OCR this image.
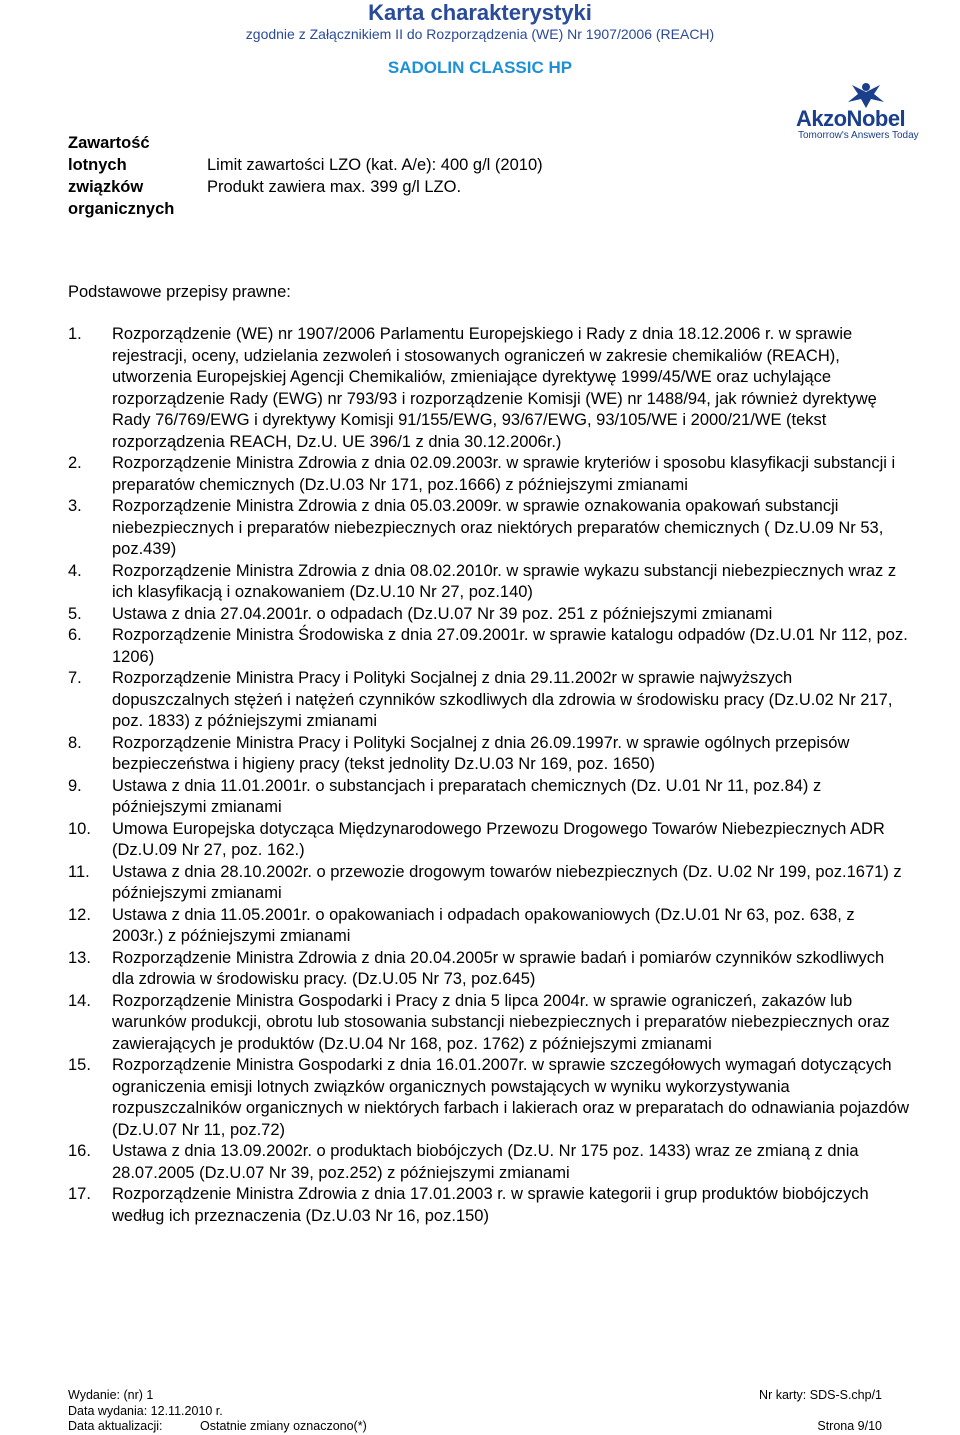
Karta charakterystyki
zgodnie z Załącznikiem II do Rozporządzenia (WE) Nr 1907/2006 (REACH)
SADOLIN CLASSIC HP
AkzoNobel
Tomorrow's Answers Today
Zawartość
lotnych
związków
organicznych
Limit zawartości LZO (kat. A/e): 400 g/l (2010)
Produkt zawiera max. 399 g/l LZO.
Podstawowe przepisy prawne:
1.	Rozporządzenie (WE) nr 1907/2006 Parlamentu Europejskiego i Rady z dnia 18.12.2006 r. w sprawie rejestracji, oceny, udzielania zezwoleń i stosowanych ograniczeń w zakresie chemikaliów (REACH), utworzenia Europejskiej Agencji Chemikaliów, zmieniające dyrektywę 1999/45/WE oraz uchylające rozporządzenie Rady (EWG) nr 793/93 i rozporządzenie Komisji (WE) nr 1488/94, jak również dyrektywę Rady 76/769/EWG i dyrektywy Komisji 91/155/EWG, 93/67/EWG, 93/105/WE i 2000/21/WE (tekst rozporządzenia REACH, Dz.U. UE 396/1 z dnia 30.12.2006r.)
2.	Rozporządzenie Ministra Zdrowia z dnia 02.09.2003r. w sprawie kryteriów i sposobu klasyfikacji substancji i preparatów chemicznych (Dz.U.03 Nr 171, poz.1666) z późniejszymi zmianami
3.	Rozporządzenie Ministra Zdrowia z dnia 05.03.2009r. w sprawie oznakowania opakowań substancji niebezpiecznych i preparatów niebezpiecznych oraz niektórych preparatów chemicznych ( Dz.U.09 Nr 53, poz.439)
4.	Rozporządzenie Ministra Zdrowia z dnia 08.02.2010r. w sprawie wykazu substancji niebezpiecznych wraz z ich klasyfikacją i oznakowaniem (Dz.U.10 Nr 27, poz.140)
5.	Ustawa z dnia 27.04.2001r. o odpadach (Dz.U.07 Nr 39 poz. 251 z późniejszymi zmianami
6.	Rozporządzenie Ministra Środowiska z dnia 27.09.2001r. w sprawie katalogu odpadów (Dz.U.01 Nr 112, poz. 1206)
7.	Rozporządzenie Ministra Pracy i Polityki Socjalnej z dnia 29.11.2002r w sprawie najwyższych dopuszczalnych stężeń i natężeń czynników szkodliwych dla zdrowia w środowisku pracy (Dz.U.02 Nr 217, poz. 1833) z późniejszymi zmianami
8.	Rozporządzenie Ministra Pracy i Polityki Socjalnej z dnia 26.09.1997r. w sprawie ogólnych przepisów bezpieczeństwa i higieny pracy (tekst jednolity Dz.U.03 Nr 169, poz. 1650)
9.	Ustawa z dnia 11.01.2001r. o substancjach i preparatach chemicznych (Dz. U.01 Nr 11, poz.84) z późniejszymi zmianami
10.	Umowa Europejska dotycząca Międzynarodowego Przewozu Drogowego Towarów Niebezpiecznych ADR (Dz.U.09 Nr 27, poz. 162.)
11.	Ustawa z dnia 28.10.2002r. o przewozie drogowym towarów niebezpiecznych (Dz. U.02 Nr 199, poz.1671) z późniejszymi zmianami
12.	Ustawa z dnia 11.05.2001r. o opakowaniach i odpadach opakowaniowych (Dz.U.01 Nr 63, poz. 638, z 2003r.) z późniejszymi zmianami
13.	Rozporządzenie Ministra Zdrowia z dnia 20.04.2005r w sprawie badań i pomiarów czynników szkodliwych dla zdrowia w środowisku pracy. (Dz.U.05 Nr 73, poz.645)
14.	Rozporządzenie Ministra Gospodarki i Pracy z dnia 5 lipca 2004r. w sprawie ograniczeń, zakazów lub warunków produkcji, obrotu lub stosowania substancji niebezpiecznych i preparatów niebezpiecznych oraz zawierających je produktów (Dz.U.04 Nr 168, poz. 1762) z późniejszymi zmianami
15.	Rozporządzenie Ministra Gospodarki z dnia 16.01.2007r. w sprawie szczegółowych wymagań dotyczących ograniczenia emisji lotnych związków organicznych powstających w wyniku wykorzystywania rozpuszczalników organicznych w niektórych farbach i lakierach oraz w preparatach do odnawiania pojazdów (Dz.U.07 Nr 11, poz.72)
16.	Ustawa z dnia 13.09.2002r. o produktach biobójczych (Dz.U. Nr 175 poz. 1433) wraz ze zmianą z dnia 28.07.2005 (Dz.U.07 Nr 39, poz.252) z późniejszymi zmianami
17.	Rozporządzenie Ministra Zdrowia z dnia 17.01.2003 r. w sprawie kategorii i grup produktów biobójczych według ich przeznaczenia (Dz.U.03 Nr 16, poz.150)
Wydanie: (nr) 1	Nr karty: SDS-S.chp/1
Data wydania: 12.11.2010 r.
Data aktualizacji:	Ostatnie zmiany oznaczono(*)	Strona 9/10
